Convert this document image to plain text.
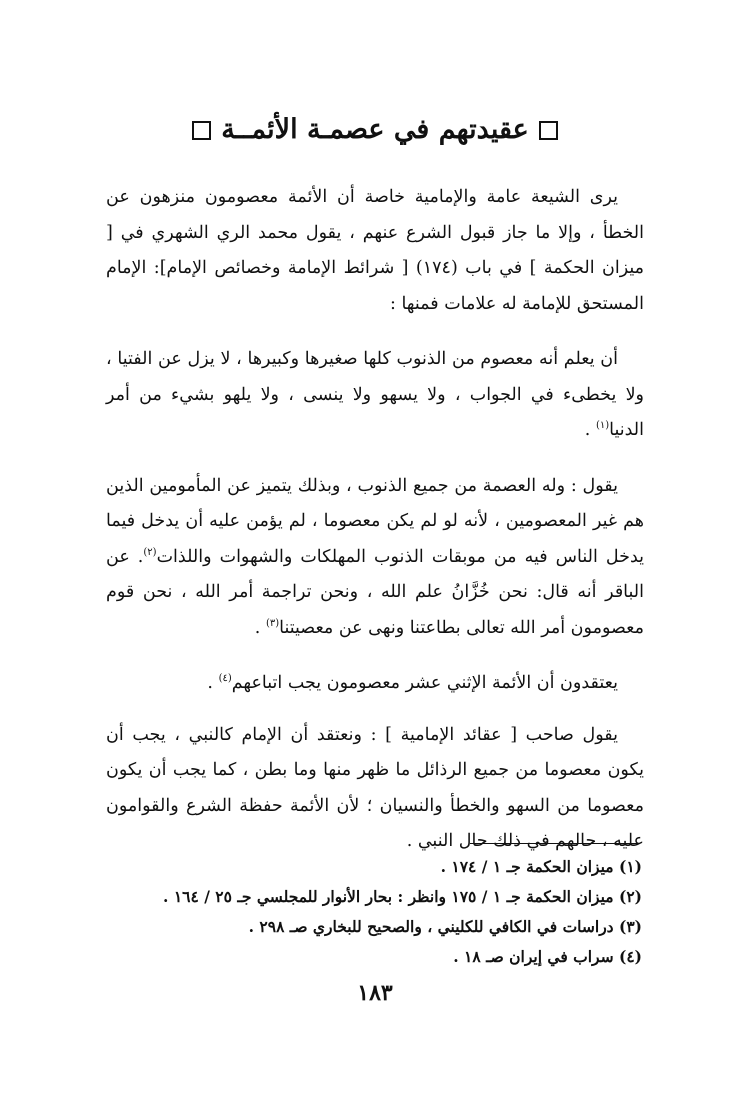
عقيدتهم في عصمـة الأئمــة

يرى الشيعة عامة والإمامية خاصة أن الأئمة معصومون منزهون عن الخطأ ، وإلا ما جاز قبول الشرع عنهم ، يقول محمد الري الشهري في [ ميزان الحكمة ] في باب (١٧٤) [ شرائط الإمامة وخصائص الإمام]: الإمام المستحق للإمامة له علامات فمنها :

أن يعلم أنه معصوم من الذنوب كلها صغيرها وكبيرها ، لا يزل عن الفتيا ، ولا يخطىء في الجواب ، ولا يسهو ولا ينسى ، ولا يلهو بشيء من أمر الدنيا$^{(١)}$ .

يقول : وله العصمة من جميع الذنوب ، وبذلك يتميز عن المأمومين الذين هم غير المعصومين ، لأنه لو لم يكن معصوما ، لم يؤمن عليه أن يدخل فيما يدخل الناس فيه من موبقات الذنوب المهلكات والشهوات واللذات$^{(٢)}$. عن الباقر أنه قال: نحن خُزَّانُ علم الله ، ونحن تراجمة أمر الله ، نحن قوم معصومون أمر الله تعالى بطاعتنا ونهى عن معصيتنا$^{(٣)}$ .

يعتقدون أن الأئمة الإثني عشر معصومون يجب اتباعهم$^{(٤)}$ .

يقول صاحب [ عقائد الإمامية ] : ونعتقد أن الإمام كالنبي ، يجب أن يكون معصوما من جميع الرذائل ما ظهر منها وما بطن ، كما يجب أن يكون معصوما من السهو والخطأ والنسيان ؛ لأن الأئمة حفظة الشرع والقوامون عليه ، حالهم في ذلك حال النبي .

(١) ميزان الحكمة جـ ١ / ١٧٤ .
(٢) ميزان الحكمة جـ ١ / ١٧٥ وانظر : بحار الأنوار للمجلسي جـ ٢٥ / ١٦٤ .
(٣) دراسات في الكافي للكليني ، والصحيح للبخاري صـ ٢٩٨ .
(٤) سراب في إيران صـ ١٨ .
١٨٣
